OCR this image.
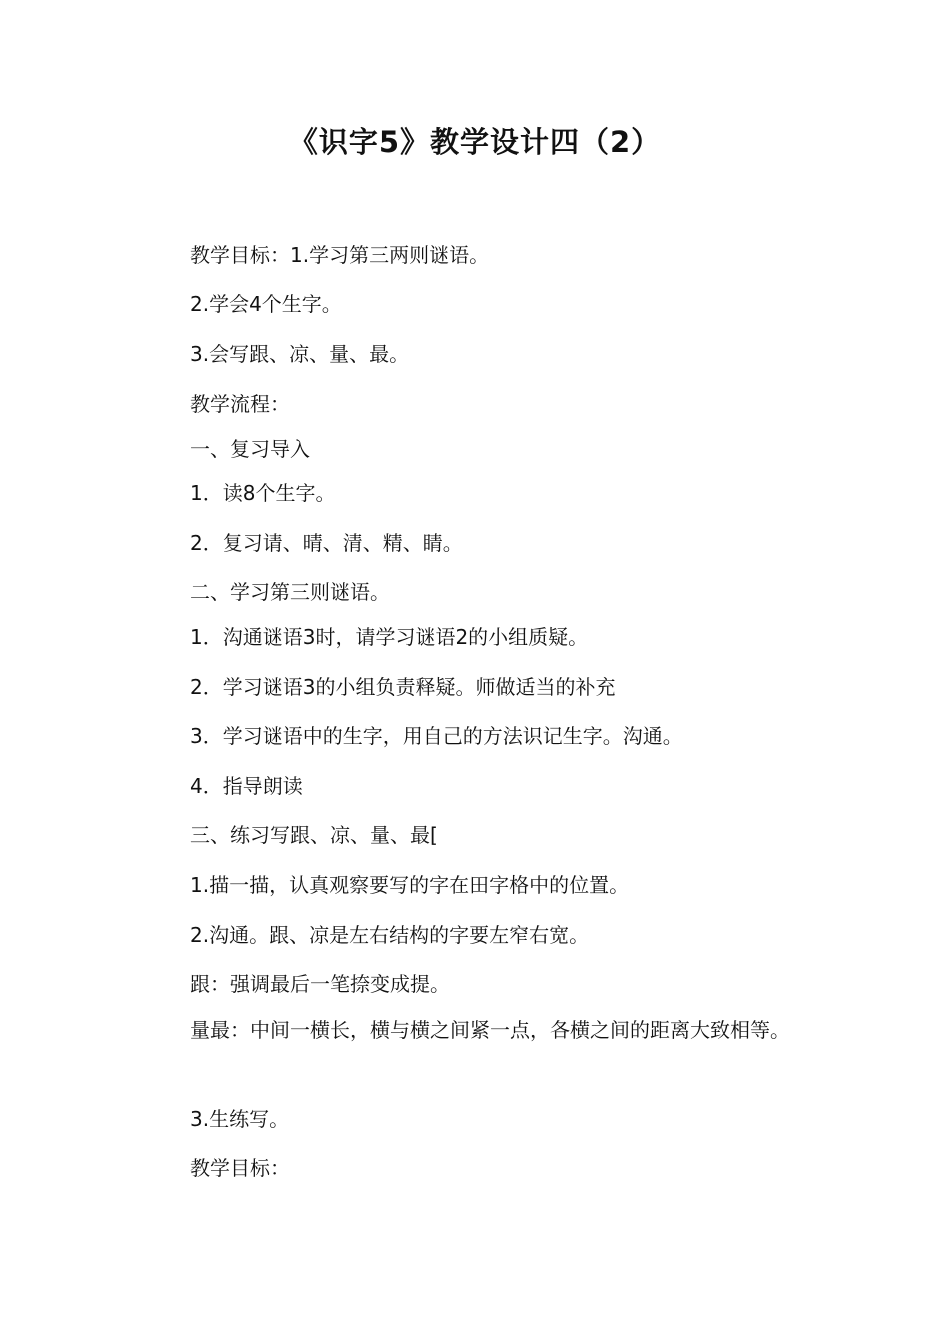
《识字5》教学设计四（2）
教学目标：1.学习第三两则谜语。
2.学会4个生字。
3.会写跟、凉、量、最。
教学流程：
一、复习导入
1．读8个生字。
2．复习请、晴、清、精、睛。
二、学习第三则谜语。
1．沟通谜语3时，请学习谜语2的小组质疑。
2．学习谜语3的小组负责释疑。师做适当的补充
3．学习谜语中的生字，用自己的方法识记生字。沟通。
4．指导朗读
三、练习写跟、凉、量、最[
1.描一描，认真观察要写的字在田字格中的位置。
2.沟通。跟、凉是左右结构的字要左窄右宽。
跟：强调最后一笔捺变成提。
量最：中间一横长，横与横之间紧一点，各横之间的距离大致相等。
3.生练写。
教学目标：
